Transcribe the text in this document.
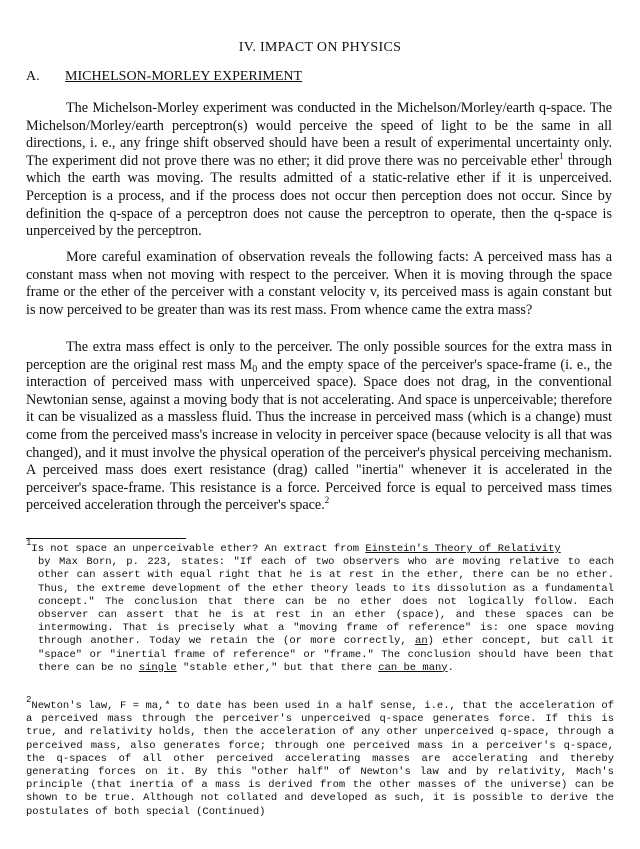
IV. IMPACT ON PHYSICS
A. MICHELSON-MORLEY EXPERIMENT
The Michelson-Morley experiment was conducted in the Michelson/Morley/earth q-space. The Michelson/Morley/earth perceptron(s) would perceive the speed of light to be the same in all directions, i. e., any fringe shift observed should have been a result of experimental uncertainty only. The experiment did not prove there was no ether; it did prove there was no perceivable ether$^1$ through which the earth was moving. The results admitted of a static-relative ether if it is unperceived. Perception is a process, and if the process does not occur then perception does not occur. Since by definition the q-space of a perceptron does not cause the perceptron to operate, then the q-space is unperceived by the perceptron.
More careful examination of observation reveals the following facts: A perceived mass has a constant mass when not moving with respect to the perceiver. When it is moving through the space frame or the ether of the perceiver with a constant velocity v, its perceived mass is again constant but is now perceived to be greater than was its rest mass. From whence came the extra mass?
The extra mass effect is only to the perceiver. The only possible sources for the extra mass in perception are the original rest mass $M_0$ and the empty space of the perceiver's space-frame (i. e., the interaction of perceived mass with unperceived space). Space does not drag, in the conventional Newtonian sense, against a moving body that is not accelerating. And space is unperceivable; therefore it can be visualized as a massless fluid. Thus the increase in perceived mass (which is a change) must come from the perceived mass's increase in velocity in perceiver space (because velocity is all that was changed), and it must involve the physical operation of the perceiver's physical perceiving mechanism. A perceived mass does exert resistance (drag) called "inertia" whenever it is accelerated in the perceiver's space-frame. This resistance is a force. Perceived force is equal to perceived mass times perceived acceleration through the perceiver's space.$^2$
$^1$Is not space an unperceivable ether? An extract from Einstein's Theory of Relativity
by Max Born, p. 223, states: "If each of two observers who are moving relative to each other can assert with equal right that he is at rest in the ether, there can be no ether. Thus, the extreme development of the ether theory leads to its dissolution as a fundamental concept." The conclusion that there can be no ether does not logically follow. Each observer can assert that he is at rest in an ether (space), and these spaces can be intermowing. That is precisely what a "moving frame of reference" is: one space moving through another. Today we retain the (or more correctly, an) ether concept, but call it "space" or "inertial frame of reference" or "frame." The conclusion should have been that there can be no single "stable ether," but that there can be many.
$^2$Newton's law, F = ma,* to date has been used in a half sense, i.e., that the acceleration of a perceived mass through the perceiver's unperceived q-space generates force. If this is true, and relativity holds, then the acceleration of any other unperceived q-space, through a perceived mass, also generates force; through one perceived mass in a perceiver's q-space, the q-spaces of all other perceived accelerating masses are accelerating and thereby generating forces on it. By this "other half" of Newton's law and by relativity, Mach's principle (that inertia of a mass is derived from the other masses of the universe) can be shown to be true. Although not collated and developed as such, it is possible to derive the postulates of both special (Continued)
